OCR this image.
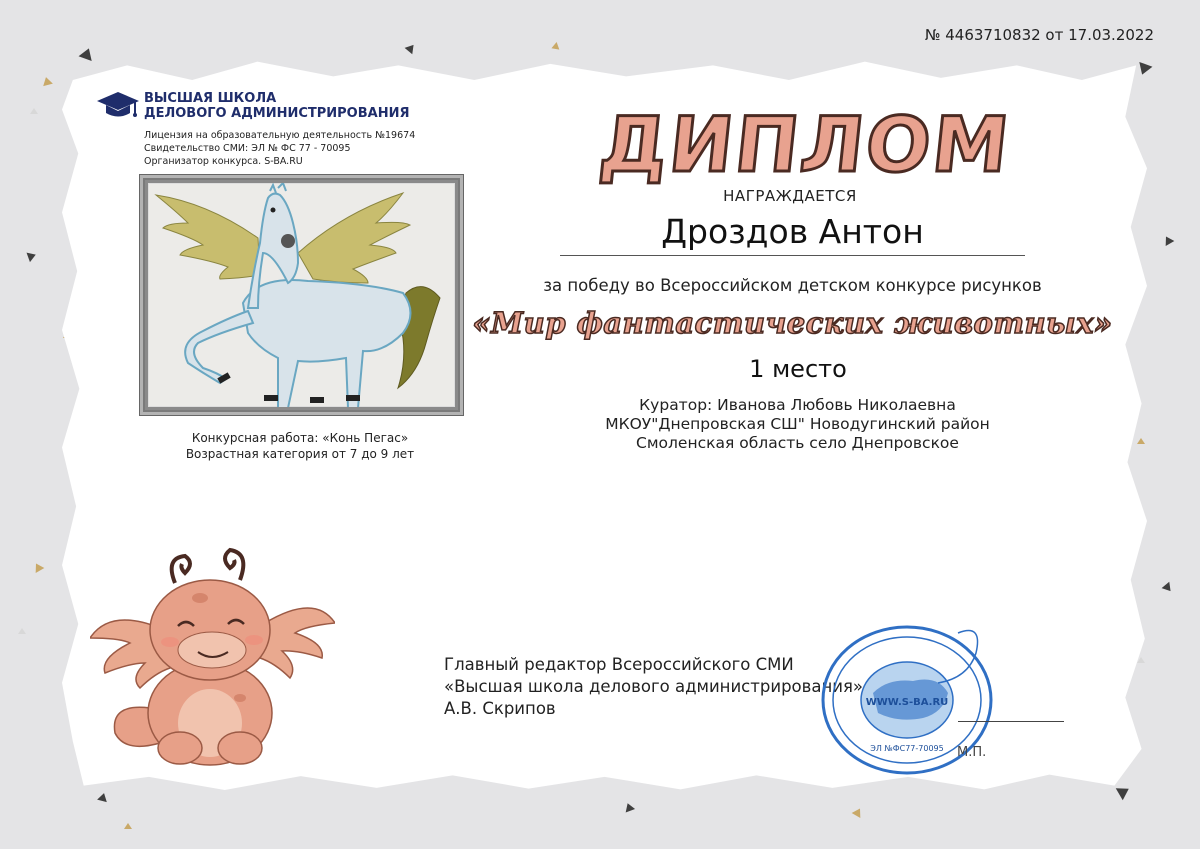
№ 4463710832 от 17.03.2022
ВЫСШАЯ ШКОЛА
ДЕЛОВОГО АДМИНИСТРИРОВАНИЯ
Лицензия на образовательную деятельность №19674
Свидетельство СМИ: ЭЛ № ФС 77 - 70095
Организатор конкурса. S-BA.RU
Конкурсная работа: «Конь Пегас»
Возрастная категория от 7 до 9 лет
ДИПЛОМ
НАГРАЖДАЕТСЯ
Дроздов Антон
за победу во Всероссийском детском конкурсе рисунков
«Мир фантастических животных»
1 место
Куратор: Иванова Любовь Николаевна
МКОУ"Днепровская СШ" Новодугинский район
Смоленская область село Днепровское
Главный редактор Всероссийского СМИ
«Высшая школа делового администрирования»
А.В. Скрипов	WWW.S-BA.RU
ЭЛ №ФС77-70095 М.П.
